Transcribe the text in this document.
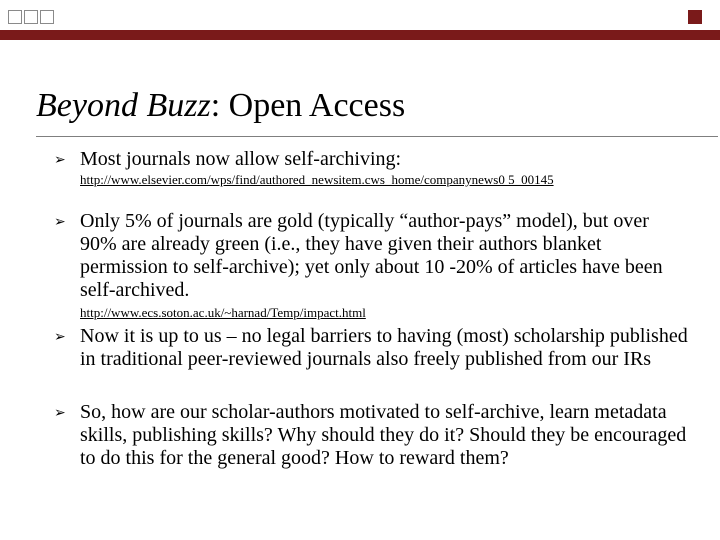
Beyond Buzz: Open Access
➢ Most journals now allow self-archiving:
http://www.elsevier.com/wps/find/authored_newsitem.cws_home/companynews0 5_00145
➢ Only 5% of journals are gold (typically “author-pays” model), but over 90% are already green (i.e., they have given their authors blanket permission to self-archive); yet only about 10 -20% of articles have been self-archived.
http://www.ecs.soton.ac.uk/~harnad/Temp/impact.html
➢ Now it is up to us – no legal barriers to having (most) scholarship published in traditional peer-reviewed journals also freely published from our IRs
➢ So, how are our scholar-authors motivated to self-archive, learn metadata skills, publishing skills? Why should they do it? Should they be encouraged to do this for the general good? How to reward them?
